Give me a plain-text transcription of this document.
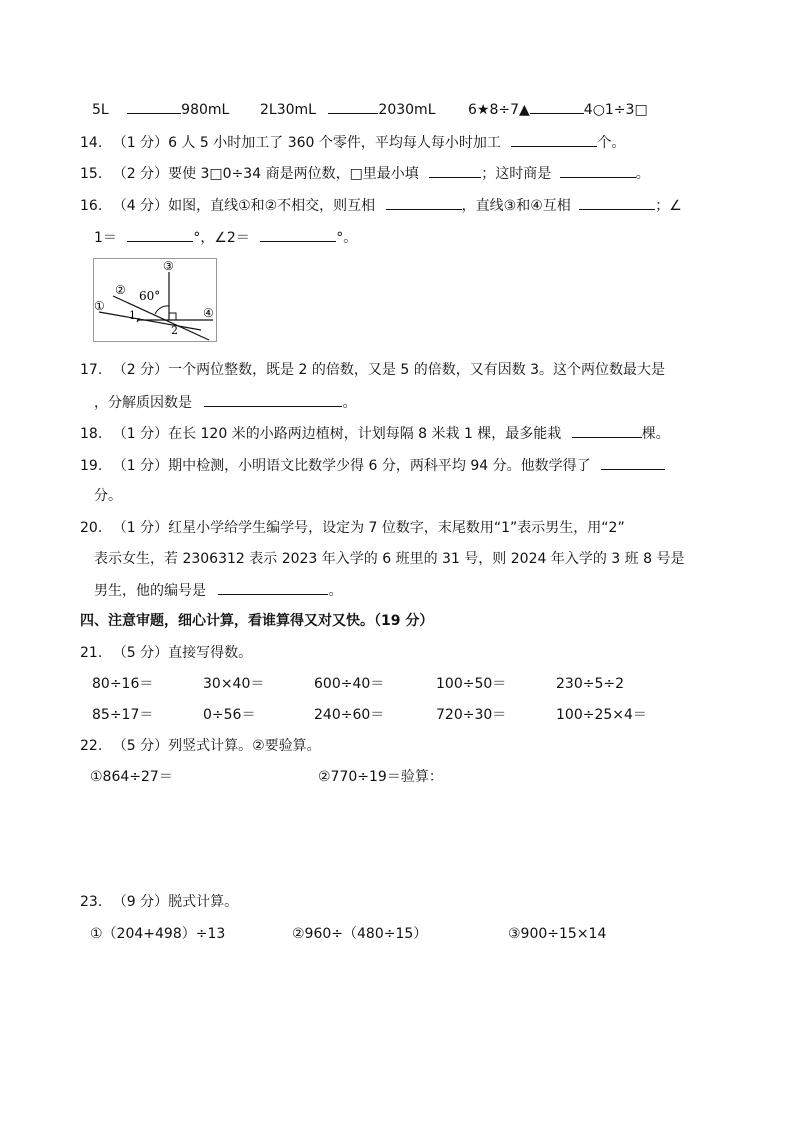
5L	980mL 2L30mL	2030mL 6★8÷7▲	4○1÷3□
14. （1 分）6 人 5 小时加工了 360 个零件，平均每人每小时加工	个。
15. （2 分）要使 3□0÷34 商是两位数，□里最小填	；这时商是	。
16. （4 分）如图，直线①和②不相交，则互相	，直线③和④互相	；∠
1＝	°，∠2＝	°。
①
②
③
④
60°
1
2
17. （2 分）一个两位整数，既是 2 的倍数，又是 5 的倍数，又有因数 3。这个两位数最大是
，分解质因数是	。
18. （1 分）在长 120 米的小路两边植树，计划每隔 8 米栽 1 棵，最多能栽	棵。
19. （1 分）期中检测，小明语文比数学少得 6 分，两科平均 94 分。他数学得了
分。
20. （1 分）红星小学给学生编学号，设定为 7 位数字，末尾数用“1”表示男生，用“2”
表示女生，若 2306312 表示 2023 年入学的 6 班里的 31 号，则 2024 年入学的 3 班 8 号是
男生，他的编号是	。
四、注意审题，细心计算，看谁算得又对又快。（19 分）
21. （5 分）直接写得数。
80÷16＝	30×40＝	600÷40＝	100÷50＝	230÷5÷2
85÷17＝	0÷56＝	240÷60＝	720÷30＝	100÷25×4＝
22. （5 分）列竖式计算。②要验算。
①864÷27＝	②770÷19＝验算：
23. （9 分）脱式计算。
①（204+498）÷13	②960÷（480÷15）	③900÷15×14
